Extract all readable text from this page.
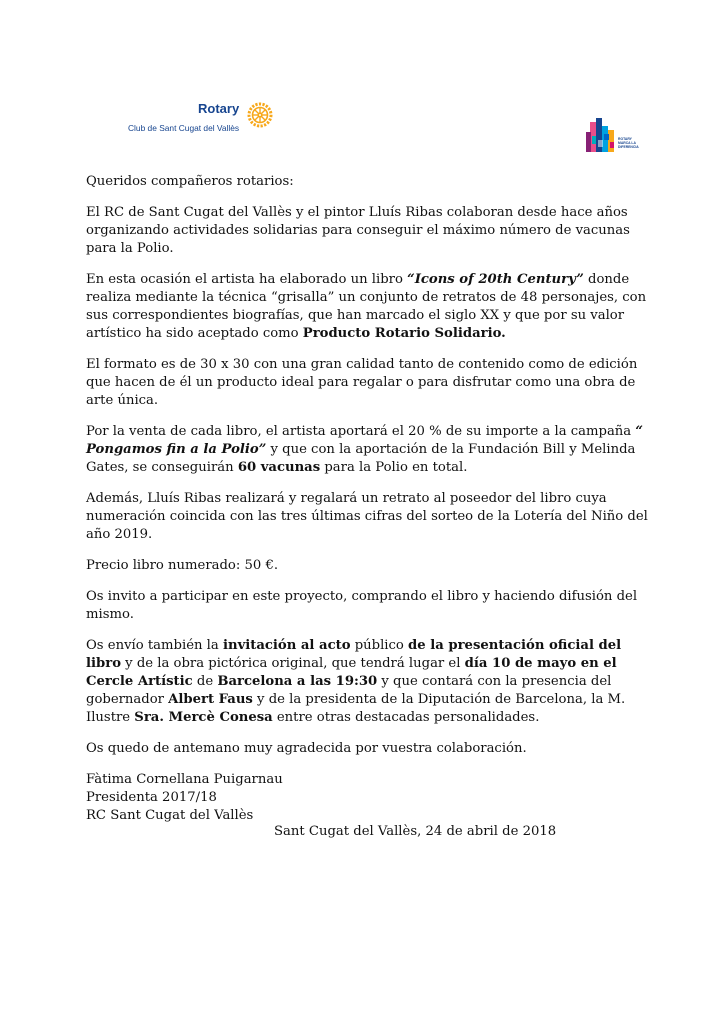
Rotary
Club de Sant Cugat del Vallès
ROTARY
MARCA LA
DIFERENCIA

Queridos compañeros rotarios:

El RC de Sant Cugat del Vallès y el pintor Lluís Ribas colaboran desde hace años organizando actividades solidarias para conseguir el máximo número de vacunas para la Polio.

En esta ocasión el artista ha elaborado un libro “Icons of 20th Century” donde realiza mediante la técnica “grisalla” un conjunto de retratos de 48 personajes, con sus correspondientes biografías, que han marcado el siglo XX y que por su valor artístico ha sido aceptado como Producto Rotario Solidario.

El formato es de 30 x 30 con una gran calidad tanto de contenido como de edición que hacen de él un producto ideal para regalar o para disfrutar como una obra de arte única.

Por la venta de cada libro, el artista aportará el 20 % de su importe a la campaña “ Pongamos fin a la Polio” y que con la aportación de la Fundación Bill y Melinda Gates, se conseguirán 60 vacunas para la Polio en total.

Además, Lluís Ribas realizará y regalará un retrato al poseedor del libro cuya numeración coincida con las tres últimas cifras del sorteo de la Lotería del Niño del año 2019.

Precio libro numerado: 50 €.

Os invito a participar en este proyecto, comprando el libro y haciendo difusión del mismo.

Os envío también la invitación al acto público de la presentación oficial del libro y de la obra pictórica original, que tendrá lugar el día 10 de mayo en el Cercle Artístic de Barcelona a las 19:30 y que contará con la presencia del gobernador Albert Faus y de la presidenta de la Diputación de Barcelona, la M. Ilustre Sra. Mercè Conesa entre otras destacadas personalidades.

Os quedo de antemano muy agradecida por vuestra colaboración.

Fàtima Cornellana Puigarnau
Presidenta 2017/18
RC Sant Cugat del Vallès
Sant Cugat del Vallès, 24 de abril de 2018
